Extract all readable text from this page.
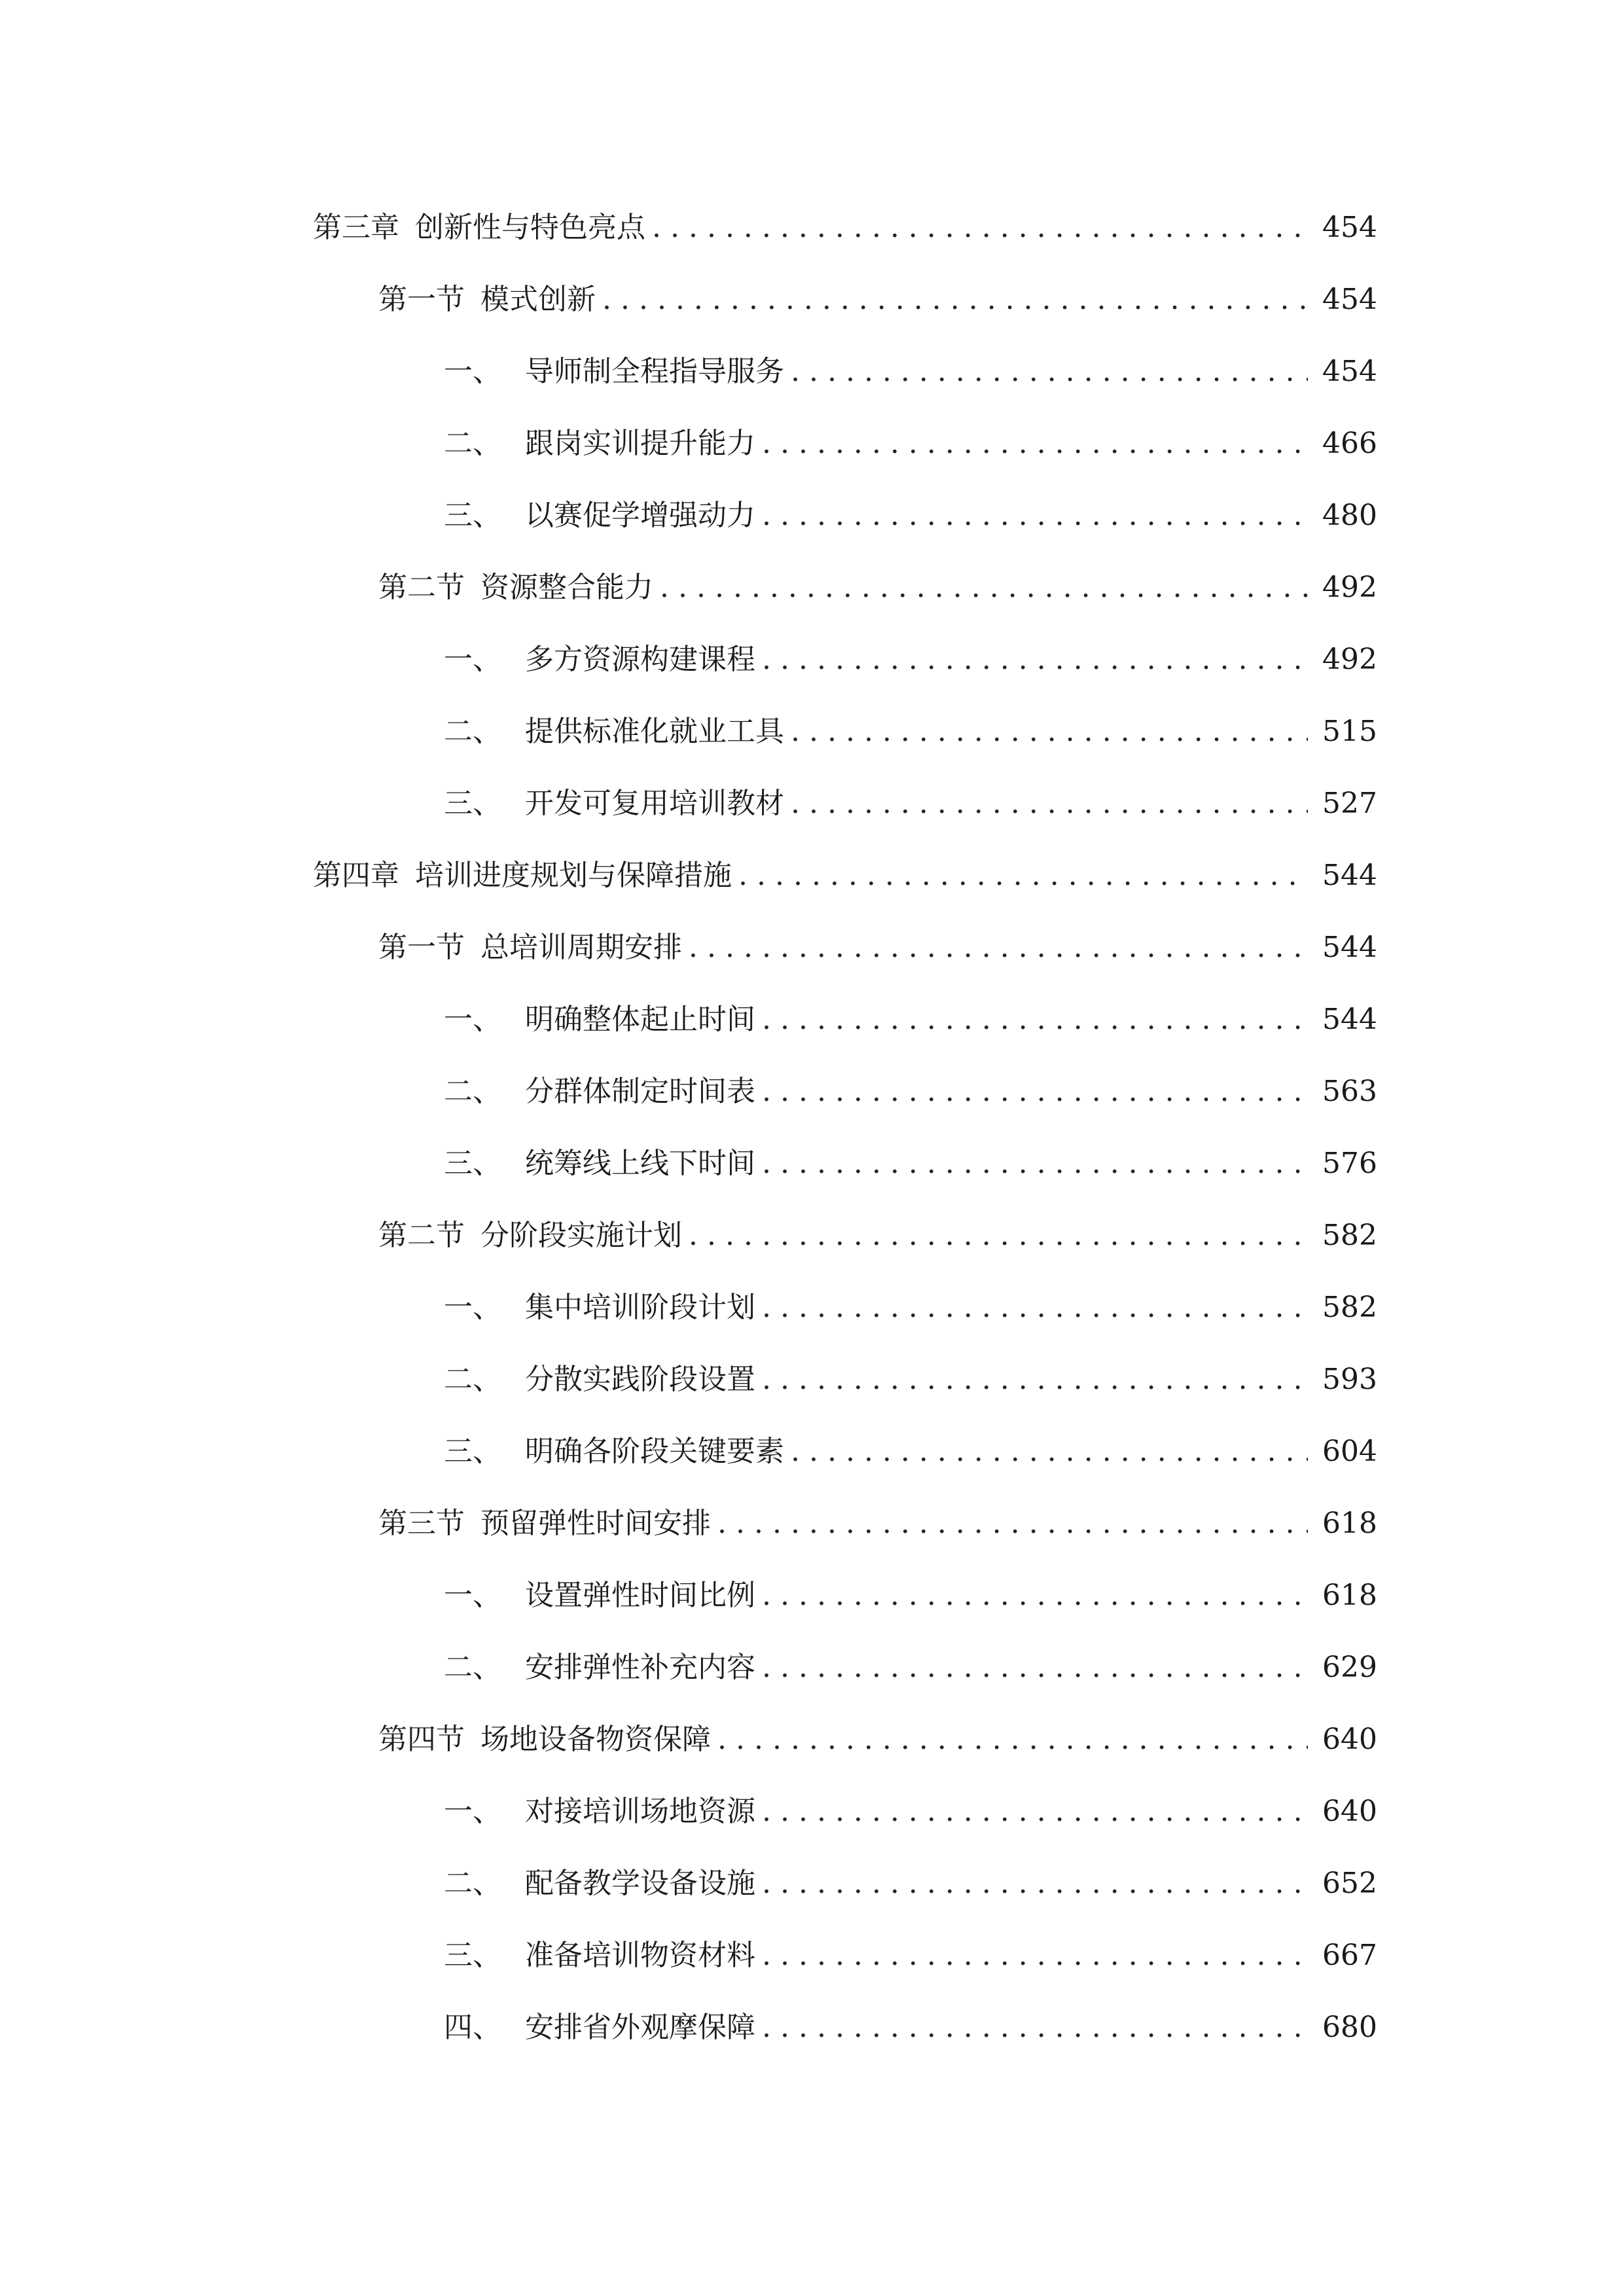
第三章 创新性与特色亮点 .....	454
第一节 模式创新 .....	454
一、 导师制全程指导服务 .....	454
二、 跟岗实训提升能力 .....	466
三、 以赛促学增强动力 .....	480
第二节 资源整合能力 .....	492
一、 多方资源构建课程 .....	492
二、 提供标准化就业工具 .....	515
三、 开发可复用培训教材 .....	527
第四章 培训进度规划与保障措施 .....	544
第一节 总培训周期安排 .....	544
一、 明确整体起止时间 .....	544
二、 分群体制定时间表 .....	563
三、 统筹线上线下时间 .....	576
第二节 分阶段实施计划 .....	582
一、 集中培训阶段计划 .....	582
二、 分散实践阶段设置 .....	593
三、 明确各阶段关键要素 .....	604
第三节 预留弹性时间安排 .....	618
一、 设置弹性时间比例 .....	618
二、 安排弹性补充内容 .....	629
第四节 场地设备物资保障 .....	640
一、 对接培训场地资源 .....	640
二、 配备教学设备设施 .....	652
三、 准备培训物资材料 .....	667
四、 安排省外观摩保障 .....	680
